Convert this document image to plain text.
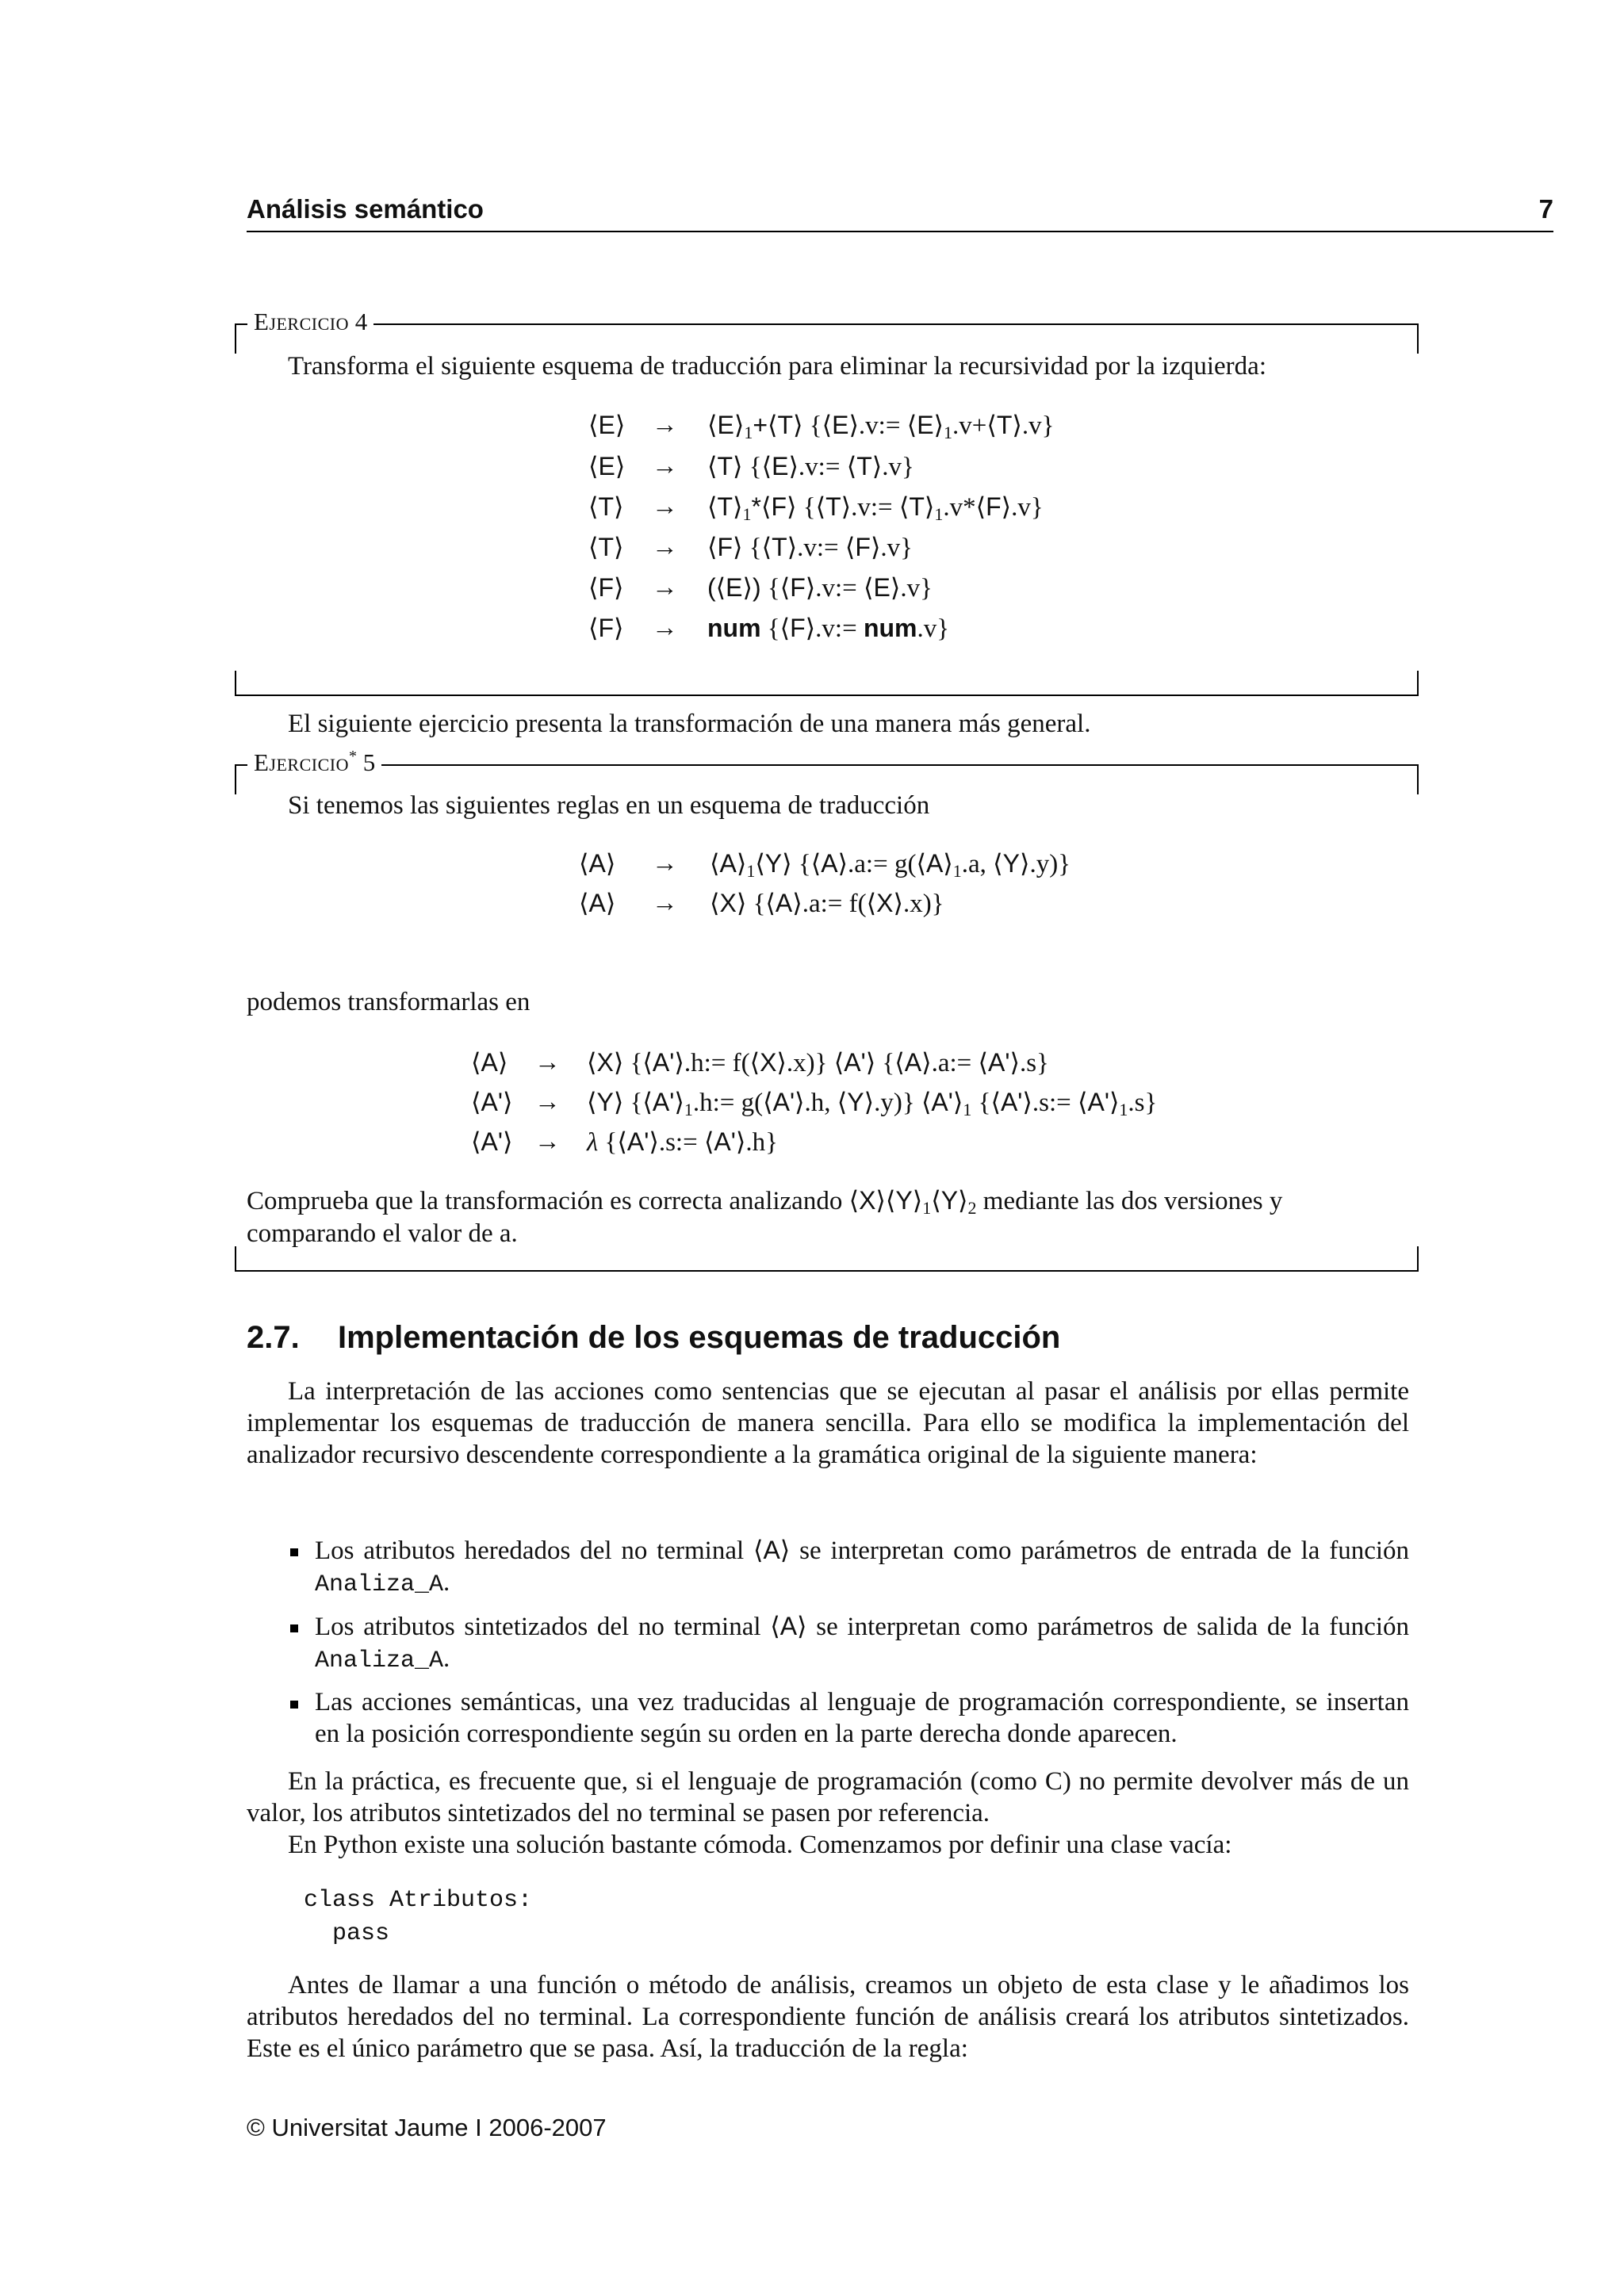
Análisis semántico	7
Ejercicio 4
Transforma el siguiente esquema de traducción para eliminar la recursividad por la izquierda:
⟨E⟩ → $⟨E⟩_1+⟨T⟩$ {⟨E⟩.v:= $⟨E⟩_1.v+⟨T⟩.v$}
⟨E⟩ → ⟨T⟩ {⟨E⟩.v:= ⟨T⟩.v}
⟨T⟩ → $⟨T⟩_1*⟨F⟩$ {⟨T⟩.v:= $⟨T⟩_1.v*⟨F⟩.v$}
⟨T⟩ → ⟨F⟩ {⟨T⟩.v:= ⟨F⟩.v}
⟨F⟩ → (⟨E⟩) {⟨F⟩.v:= ⟨E⟩.v}
⟨F⟩ → num {⟨F⟩.v:= num.v}
El siguiente ejercicio presenta la transformación de una manera más general.
Ejercicio* 5
Si tenemos las siguientes reglas en un esquema de traducción
⟨A⟩ → $⟨A⟩_1⟨Y⟩$ {⟨A⟩.a:= $g(⟨A⟩_1.a$, ⟨Y⟩.y)}
⟨A⟩ → ⟨X⟩ {⟨A⟩.a:= f(⟨X⟩.x)}
podemos transformarlas en
⟨A⟩ → ⟨X⟩ {⟨A'⟩.h:= f(⟨X⟩.x)} ⟨A'⟩ {⟨A⟩.a:= ⟨A'⟩.s}
⟨A'⟩ → ⟨Y⟩ {$⟨A'⟩_1.h:=$ g(⟨A'⟩.h, ⟨Y⟩.y)} $⟨A'⟩_1$ {⟨A'⟩.s:= $⟨A'⟩_1.s$}
⟨A'⟩ → λ {⟨A'⟩.s:= ⟨A'⟩.h}
Comprueba que la transformación es correcta analizando $⟨X⟩⟨Y⟩_1⟨Y⟩_2$ mediante las dos versiones y
comparando el valor de a.
2.7. Implementación de los esquemas de traducción
La interpretación de las acciones como sentencias que se ejecutan al pasar el análisis por ellas permite implementar los esquemas de traducción de manera sencilla. Para ello se modifica la implementación del analizador recursivo descendente correspondiente a la gramática original de la siguiente manera:
Los atributos heredados del no terminal ⟨A⟩ se interpretan como parámetros de entrada de la función Analiza_A.
Los atributos sintetizados del no terminal ⟨A⟩ se interpretan como parámetros de salida de la función Analiza_A.
Las acciones semánticas, una vez traducidas al lenguaje de programación correspondiente, se insertan en la posición correspondiente según su orden en la parte derecha donde aparecen.
En la práctica, es frecuente que, si el lenguaje de programación (como C) no permite devolver más de un valor, los atributos sintetizados del no terminal se pasen por referencia.
En Python existe una solución bastante cómoda. Comenzamos por definir una clase vacía:
class Atributos:
pass
Antes de llamar a una función o método de análisis, creamos un objeto de esta clase y le añadimos los atributos heredados del no terminal. La correspondiente función de análisis creará los atributos sintetizados. Este es el único parámetro que se pasa. Así, la traducción de la regla:
© Universitat Jaume I 2006-2007
